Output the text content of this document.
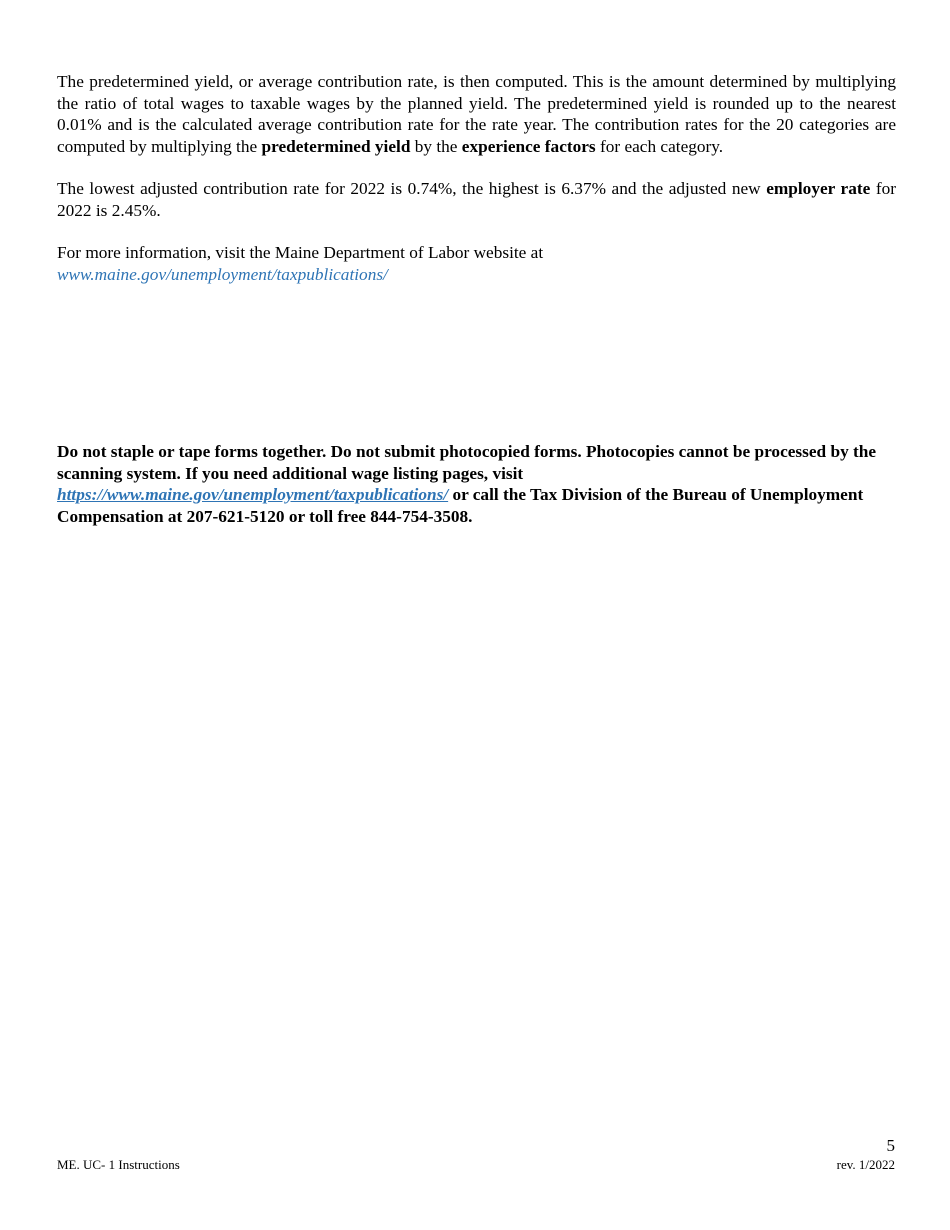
The predetermined yield, or average contribution rate, is then computed. This is the amount determined by multiplying the ratio of total wages to taxable wages by the planned yield. The predetermined yield is rounded up to the nearest 0.01% and is the calculated average contribution rate for the rate year. The contribution rates for the 20 categories are computed by multiplying the predetermined yield by the experience factors for each category.

The lowest adjusted contribution rate for 2022 is 0.74%, the highest is 6.37% and the adjusted new employer rate for 2022 is 2.45%.

For more information, visit the Maine Department of Labor website at
www.maine.gov/unemployment/taxpublications/

Do not staple or tape forms together. Do not submit photocopied forms. Photocopies cannot be processed by the scanning system. If you need additional wage listing pages, visit https://www.maine.gov/unemployment/taxpublications/ or call the Tax Division of the Bureau of Unemployment Compensation at 207-621-5120 or toll free 844-754-3508.

5
ME. UC- 1 Instructions	rev. 1/2022
